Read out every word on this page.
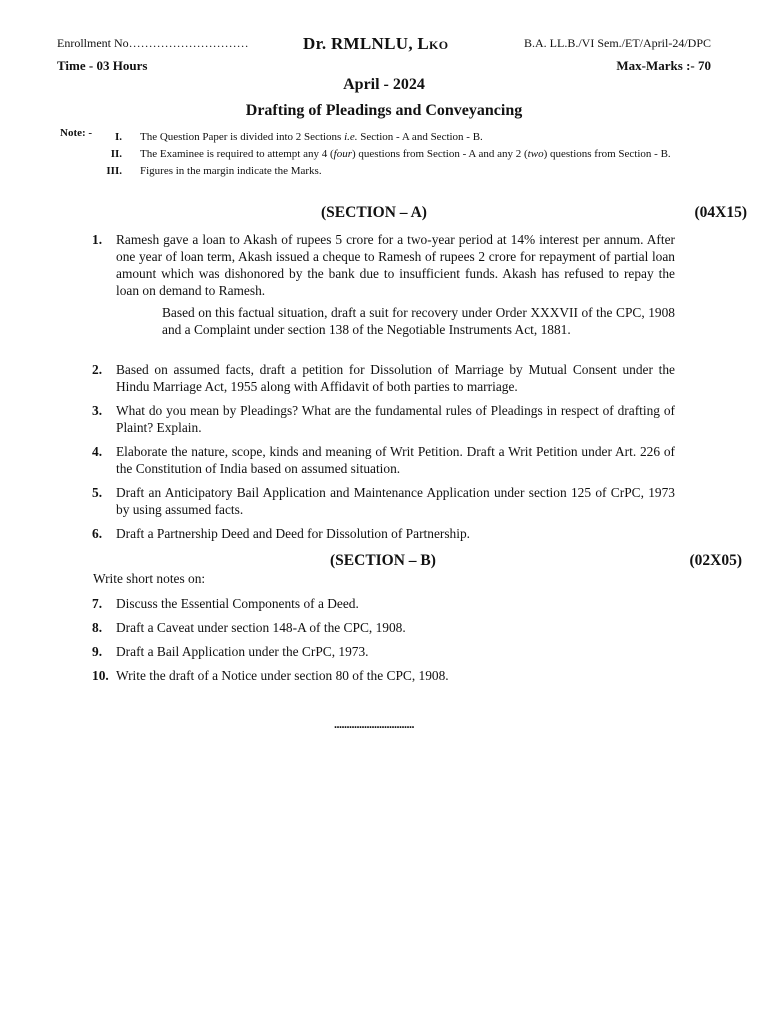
Enrollment No…………………………	Dr. RMLNLU, Lko	B.A. LL.B./VI Sem./ET/April-24/DPC
Time - 03 Hours	Max-Marks :- 70
April - 2024
Drafting of Pleadings and Conveyancing
Note: -	I. The Question Paper is divided into 2 Sections i.e. Section - A and Section - B.
II. The Examinee is required to attempt any 4 (four) questions from Section - A and any 2 (two) questions from Section - B.
III. Figures in the margin indicate the Marks.
(SECTION – A)	(04X15)
1.	Ramesh gave a loan to Akash of rupees 5 crore for a two-year period at 14% interest per annum. After one year of loan term, Akash issued a cheque to Ramesh of rupees 2 crore for repayment of partial loan amount which was dishonored by the bank due to insufficient funds. Akash has refused to repay the loan on demand to Ramesh.
Based on this factual situation, draft a suit for recovery under Order XXXVII of the CPC, 1908 and a Complaint under section 138 of the Negotiable Instruments Act, 1881.
2.	Based on assumed facts, draft a petition for Dissolution of Marriage by Mutual Consent under the Hindu Marriage Act, 1955 along with Affidavit of both parties to marriage.
3.	What do you mean by Pleadings? What are the fundamental rules of Pleadings in respect of drafting of Plaint? Explain.
4.	Elaborate the nature, scope, kinds and meaning of Writ Petition. Draft a Writ Petition under Art. 226 of the Constitution of India based on assumed situation.
5.	Draft an Anticipatory Bail Application and Maintenance Application under section 125 of CrPC, 1973 by using assumed facts.
6.	Draft a Partnership Deed and Deed for Dissolution of Partnership.
(SECTION – B)	(02X05)
Write short notes on:
7.	Discuss the Essential Components of a Deed.
8.	Draft a Caveat under section 148-A of the CPC, 1908.
9.	Draft a Bail Application under the CrPC, 1973.
10. Write the draft of a Notice under section 80 of the CPC, 1908.
................................
